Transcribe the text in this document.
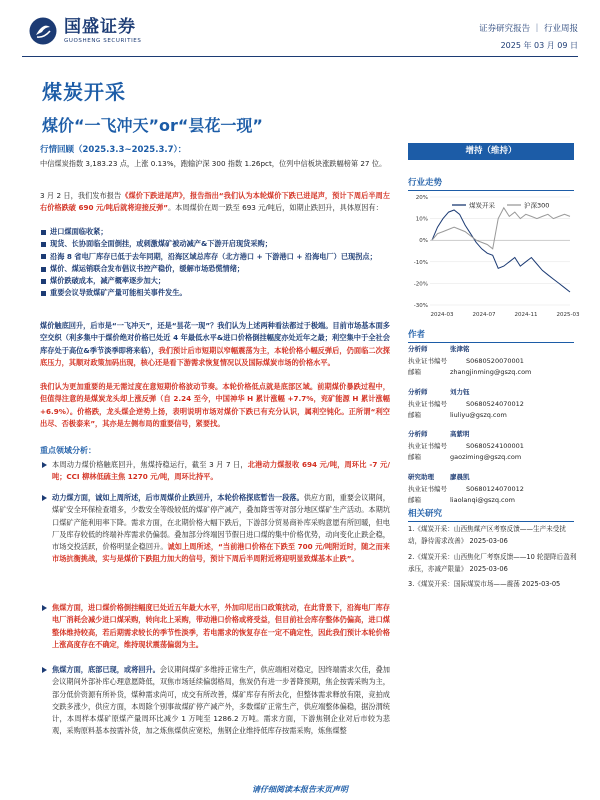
国盛证券
GUOSHENG SECURITIES
证券研究报告 ｜ 行业周报
2025 年 03 月 09 日
煤炭开采
煤价“一飞冲天”or“昙花一现”
行情回顾（2025.3.3~2025.3.7）：
中信煤炭指数 3,183.23 点，上涨 0.13%，跑输沪深 300 指数 1.26pct，位列中信板块涨跌幅榜第 27 位。
3 月 2 日，我们发布报告《煤价下跌进尾声》，报告指出“我们认为本轮煤价下跌已进尾声，预计下周后半周左右价格跌破 690 元/吨后就将迎接反弹”。本周煤价在周一跌至 693 元/吨后，如期止跌回升，具体原因有：
进口煤面临收紧；
现货、长协面临全面倒挂，或刺激煤矿被动减产&下游开启现货采购；
沿海 8 省电厂库存已低于去年同期，沿海区域总库存（北方港口 + 下游港口 + 沿海电厂）已现拐点；
煤价、煤运销联合发布倡议书控产稳价，缓解市场恐慌情绪；
煤价跌破成本，减产概率逐步加大；
重要会议导致煤矿产量可能相关事件发生。
煤价触底回升，后市是“一飞冲天”，还是“昙花一现”？我们认为上述两种看法都过于极端。目前市场基本面多空交织（利多集中于煤价绝对价格已处近 4 年最低水平&进口价格倒挂幅度亦处近年之最；利空集中于全社会库存处于高位&季节淡季即将来临），我们预计后市短期以窄幅震荡为主，本轮价格小幅反弹后，仍面临二次探底压力，其顺对政策加码出现，核心还是看下游需求恢复情况以及国际煤炭市场的价格水平。
我们认为更加重要的是无需过度在意短期价格波动节奏。本轮价格低点就是底部区域。前期煤价暴跌过程中，但值得注意的是煤炭龙头却上涨反弹（自 2.24 至今，中国神华 H 累计涨幅 +7.7%，兖矿能源 H 累计涨幅 +6.9%）。价格跌，龙头煤企逆势上扬，表明说明市场对煤价下跌已有充分认识，属利空钝化。正所谓“利空出尽、否极泰来”，其亦是左侧布局的重要信号，紧要找。
重点领域分析：
本周动力煤价格触底回升，焦煤持稳运行，截至 3 月 7 日，北港动力煤报收 694 元/吨，周环比 -7 元/吨；CCI 柳林低硫主焦 1270 元/吨，周环比持平。
动力煤方面，诚如上周所述，后市周煤价止跌回升，本轮价格探底暂告一段落。供应方面，重要会议期间，煤矿安全环保检查增多，少数安全等级较低的煤矿停产减产，叠加降雪等对部分地区煤矿生产活动。本期坑口煤矿产能利用率下降。需求方面，在北期价格大幅下跌后，下游部分贸易商补库采购意愿有所回暖，但电厂及库存较低的终端补库需求仍偏弱。叠加部分终端因节假日进口煤的集中价格优势，动向变化止跌企稳，市场交投活跃，价格明显企稳回升。诚如上周所述，“当前港口价格在下跌至 700 元/吨附近时，随之而来市场抗衡挑战，实与是煤价下跌阻力加大的信号，预计下周后半周附近将迎明显致煤基本止跌”。
焦煤方面，进口煤价格倒挂幅度已处近五年最大水平，外加印尼出口政策扰动，在此背景下，沿海电厂库存电厂消耗会减少进口煤采购，转向北上采购，带动港口价格或将受益，但目前社会库存整体仍偏高，进口煤整体维持较高，若后期需求较长的季节性淡季，若电需求的恢复存在一定不确定性，因此我们预计本轮价格上涨高度存在不确定，维持现状震荡偏弱为主。
焦煤方面，底部已现，或将回升。会议期间煤矿多维持正常生产，供应端相对稳定，因终端需求欠佳，叠加会议期间外部补库心理意愿降低，双焦市场延续偏弱格局，焦炭仍有进一步普降预期，焦企按需采购为主，部分低价资源有所补货，煤种需求尚可，成交有所改善，煤矿库存有所去化，但整体需求释放有限，竞拍成交跌多涨少，供应方面，本周除个别事故煤矿停产减产外，多数煤矿正常生产，供应端整体偏稳，据汾渭统计，本周样本煤矿原煤产量周环比减少 1 万吨至 1286.2 万吨。需求方面，下游焦钢企业对后市较为悲观，采购原料基本按需补货，加之炼焦煤供应宽松，焦钢企业维持低库存按需采购，炼焦煤整
增持（维持）
行业走势
20%
10%
0%
-10%
-20%
-30%
2024-03	2024-07	2024-11	2025-03
煤炭开采	沪深300
作者
分析师	张津铭
执业证书编号	S0680520070001
邮箱	zhangjinming@gszq.com
分析师	刘力钰
执业证书编号	S0680524070012
邮箱	liuliyu@gszq.com
分析师	高紫明
执业证书编号	S0680524100001
邮箱	gaoziming@gszq.com
研究助理 廖晨凯
执业证书编号	S0680124070012
邮箱	liaolanqi@gszq.com
相关研究
1.《煤炭开采：山西焦煤产区考察反馈——生产未受扰动，静待需求改善》 2025-03-06
2.《煤炭开采：山西焦化厂考察反馈——10 轮提降后盈利承压，亦减产限量》 2025-03-06
3.《煤炭开采：国际煤炭市场——震荡 2025-03-05
请仔细阅读本报告末页声明
